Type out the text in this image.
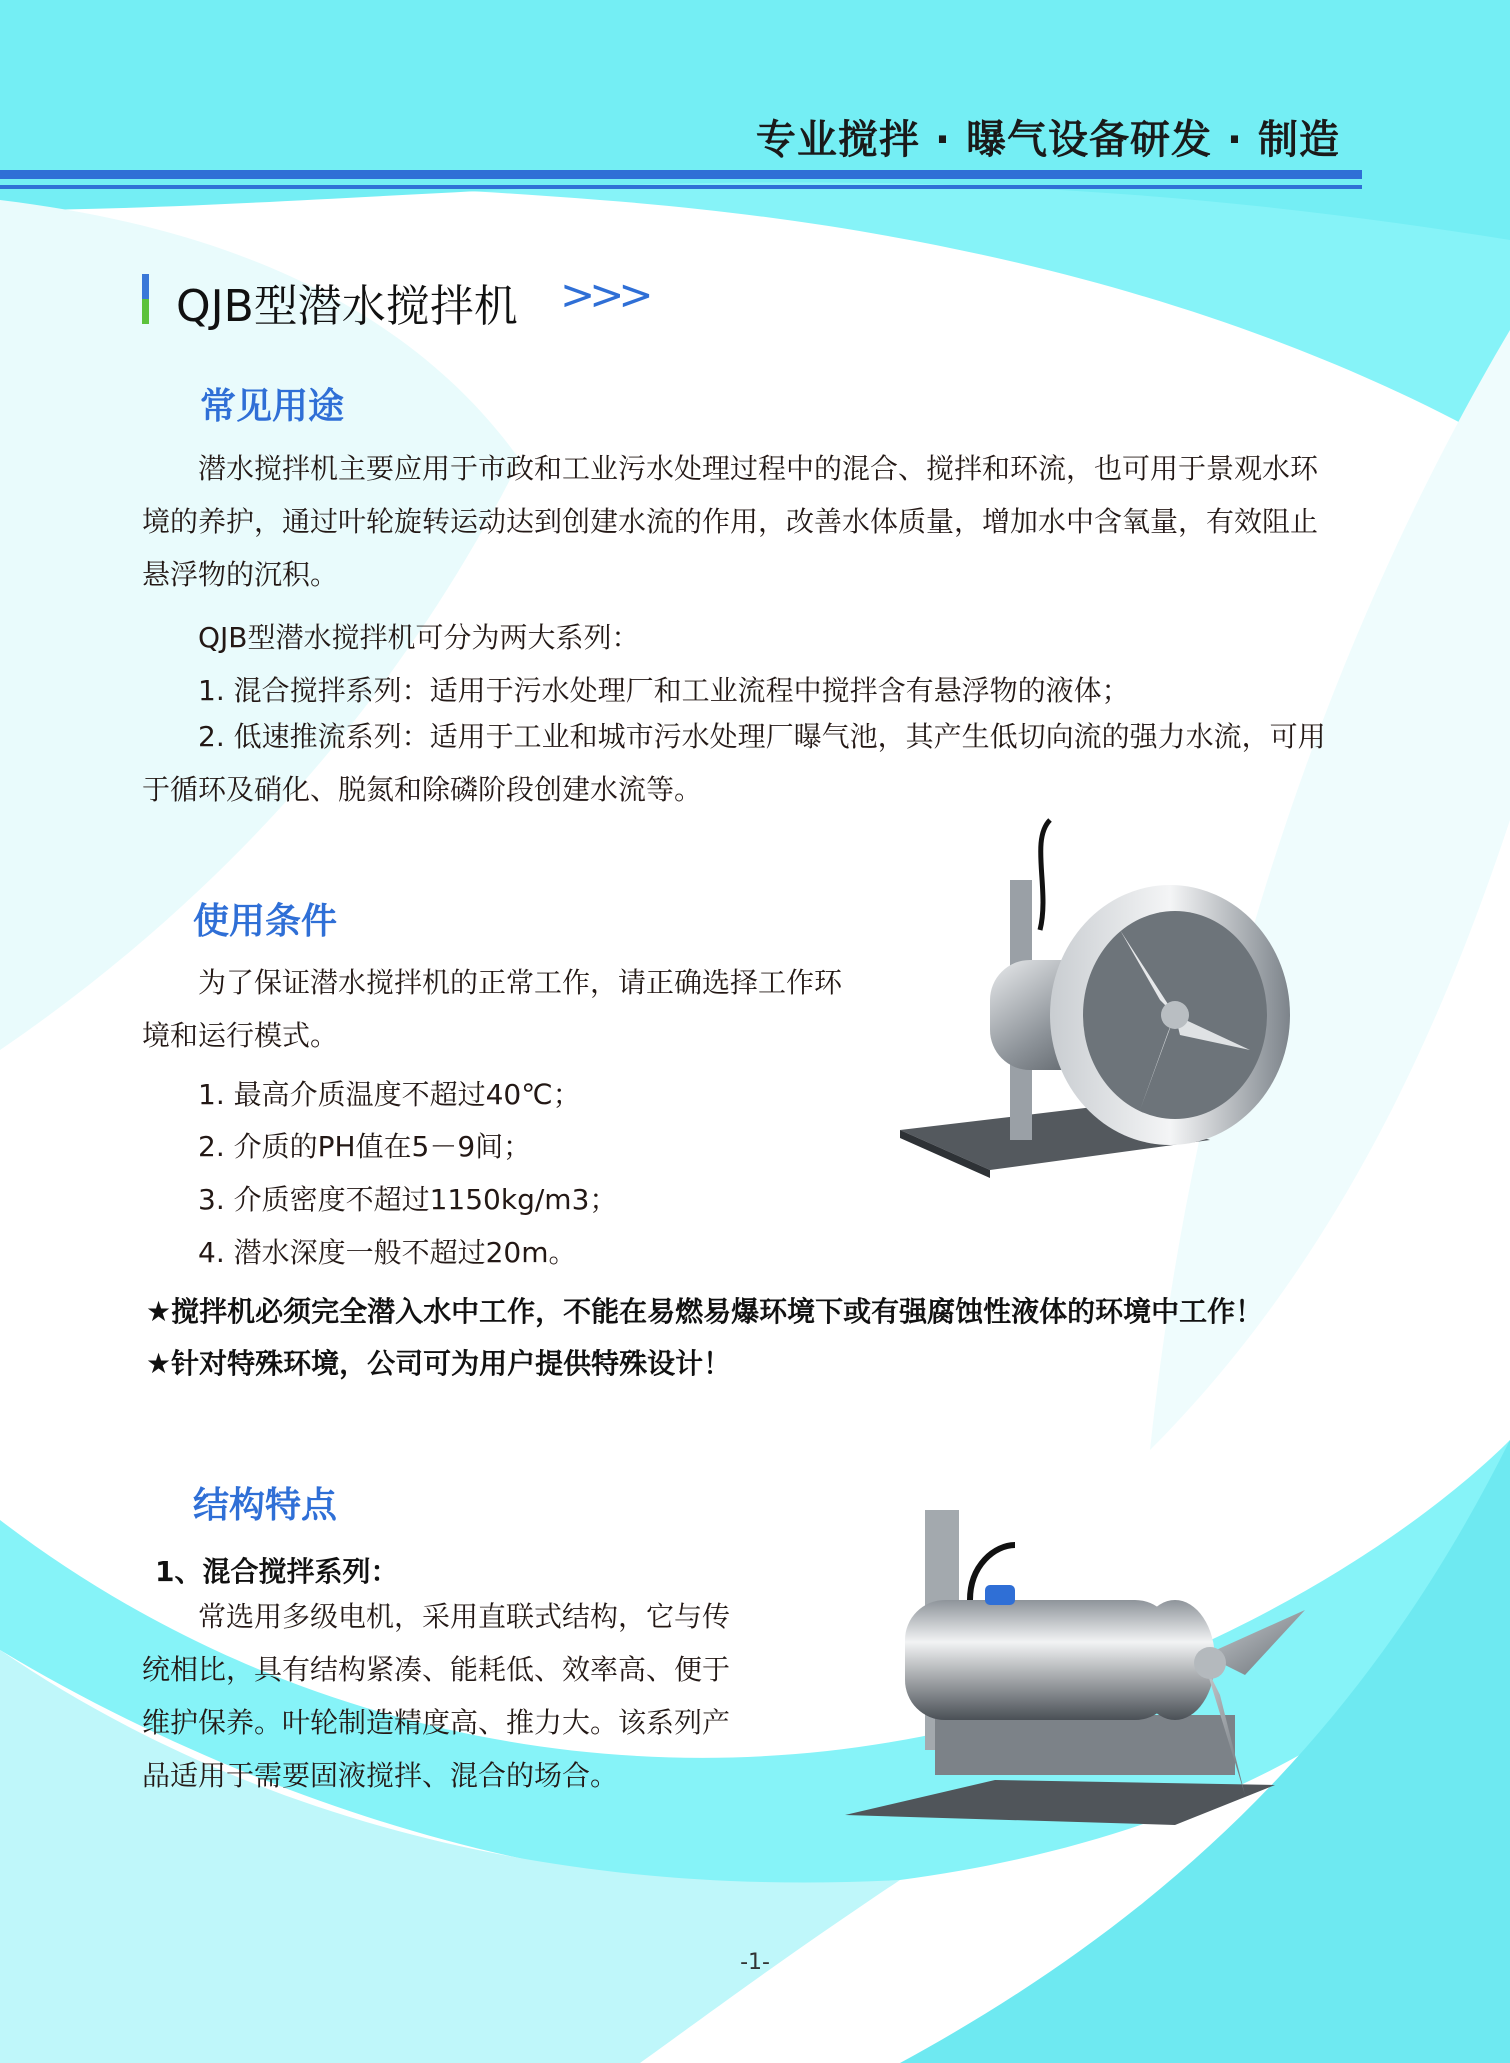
专业搅拌 · 曝气设备研发 · 制造
QJB型潜水搅拌机 >>>
常见用途
潜水搅拌机主要应用于市政和工业污水处理过程中的混合、搅拌和环流，也可用于景观水环境的养护，通过叶轮旋转运动达到创建水流的作用，改善水体质量，增加水中含氧量，有效阻止悬浮物的沉积。
QJB型潜水搅拌机可分为两大系列：
1. 混合搅拌系列：适用于污水处理厂和工业流程中搅拌含有悬浮物的液体；
2. 低速推流系列：适用于工业和城市污水处理厂曝气池，其产生低切向流的强力水流，可用于循环及硝化、脱氮和除磷阶段创建水流等。
使用条件
为了保证潜水搅拌机的正常工作，请正确选择工作环境和运行模式。
1. 最高介质温度不超过40℃；
2. 介质的PH值在5－9间；
3. 介质密度不超过1150kg/m3；
4. 潜水深度一般不超过20m。
★搅拌机必须完全潜入水中工作，不能在易燃易爆环境下或有强腐蚀性液体的环境中工作！
★针对特殊环境，公司可为用户提供特殊设计！
结构特点
1、混合搅拌系列：
常选用多级电机，采用直联式结构，它与传统相比，具有结构紧凑、能耗低、效率高、便于维护保养。叶轮制造精度高、推力大。该系列产品适用于需要固液搅拌、混合的场合。
-1-
